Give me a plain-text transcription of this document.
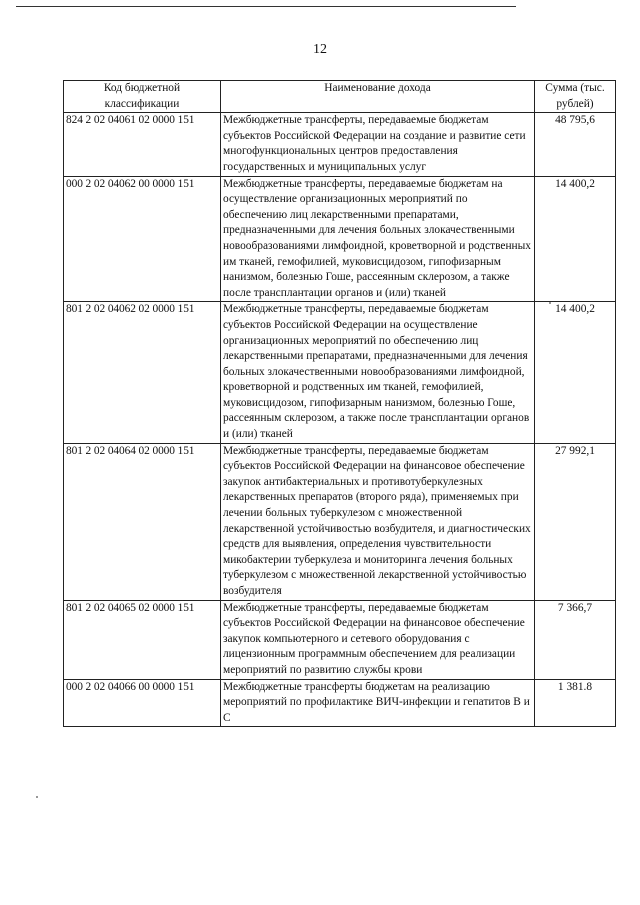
12
Код бюджетной классификации	Наименование дохода	Сумма (тыс. рублей)
824 2 02 04061 02 0000 151	Межбюджетные трансферты, передаваемые бюджетам субъектов Российской Федерации на создание и развитие сети многофункциональных центров предоставления государственных и муниципальных услуг	48 795,6
000 2 02 04062 00 0000 151	Межбюджетные трансферты, передаваемые бюджетам на осуществление организационных мероприятий по обеспечению лиц лекарственными препаратами, предназначенными для лечения больных злокачественными новообразованиями лимфоидной, кроветворной и родственных им тканей, гемофилией, муковисцидозом, гипофизарным нанизмом, болезнью Гоше, рассеянным склерозом, а также после трансплантации органов и (или) тканей	14 400,2
801 2 02 04062 02 0000 151	Межбюджетные трансферты, передаваемые бюджетам субъектов Российской Федерации на осуществление организационных мероприятий по обеспечению лиц лекарственными препаратами, предназначенными для лечения больных злокачественными новообразованиями лимфоидной, кроветворной и родственных им тканей, гемофилией, муковисцидозом, гипофизарным нанизмом, болезнью Гоше, рассеянным склерозом, а также после трансплантации органов и (или) тканей	14 400,2
801 2 02 04064 02 0000 151	Межбюджетные трансферты, передаваемые бюджетам субъектов Российской Федерации на финансовое обеспечение закупок антибактериальных и противотуберкулезных лекарственных препаратов (второго ряда), применяемых при лечении больных туберкулезом с множественной лекарственной устойчивостью возбудителя, и диагностических средств для выявления, определения чувствительности микобактерии туберкулеза и мониторинга лечения больных туберкулезом с множественной лекарственной устойчивостью возбудителя	27 992,1
801 2 02 04065 02 0000 151	Межбюджетные трансферты, передаваемые бюджетам субъектов Российской Федерации на финансовое обеспечение закупок компьютерного и сетевого оборудования с лицензионным программным обеспечением для реализации мероприятий по развитию службы крови	7 366,7
000 2 02 04066 00 0000 151	Межбюджетные трансферты бюджетам на реализацию мероприятий по профилактике ВИЧ-инфекции и гепатитов В и С	1 381.8
